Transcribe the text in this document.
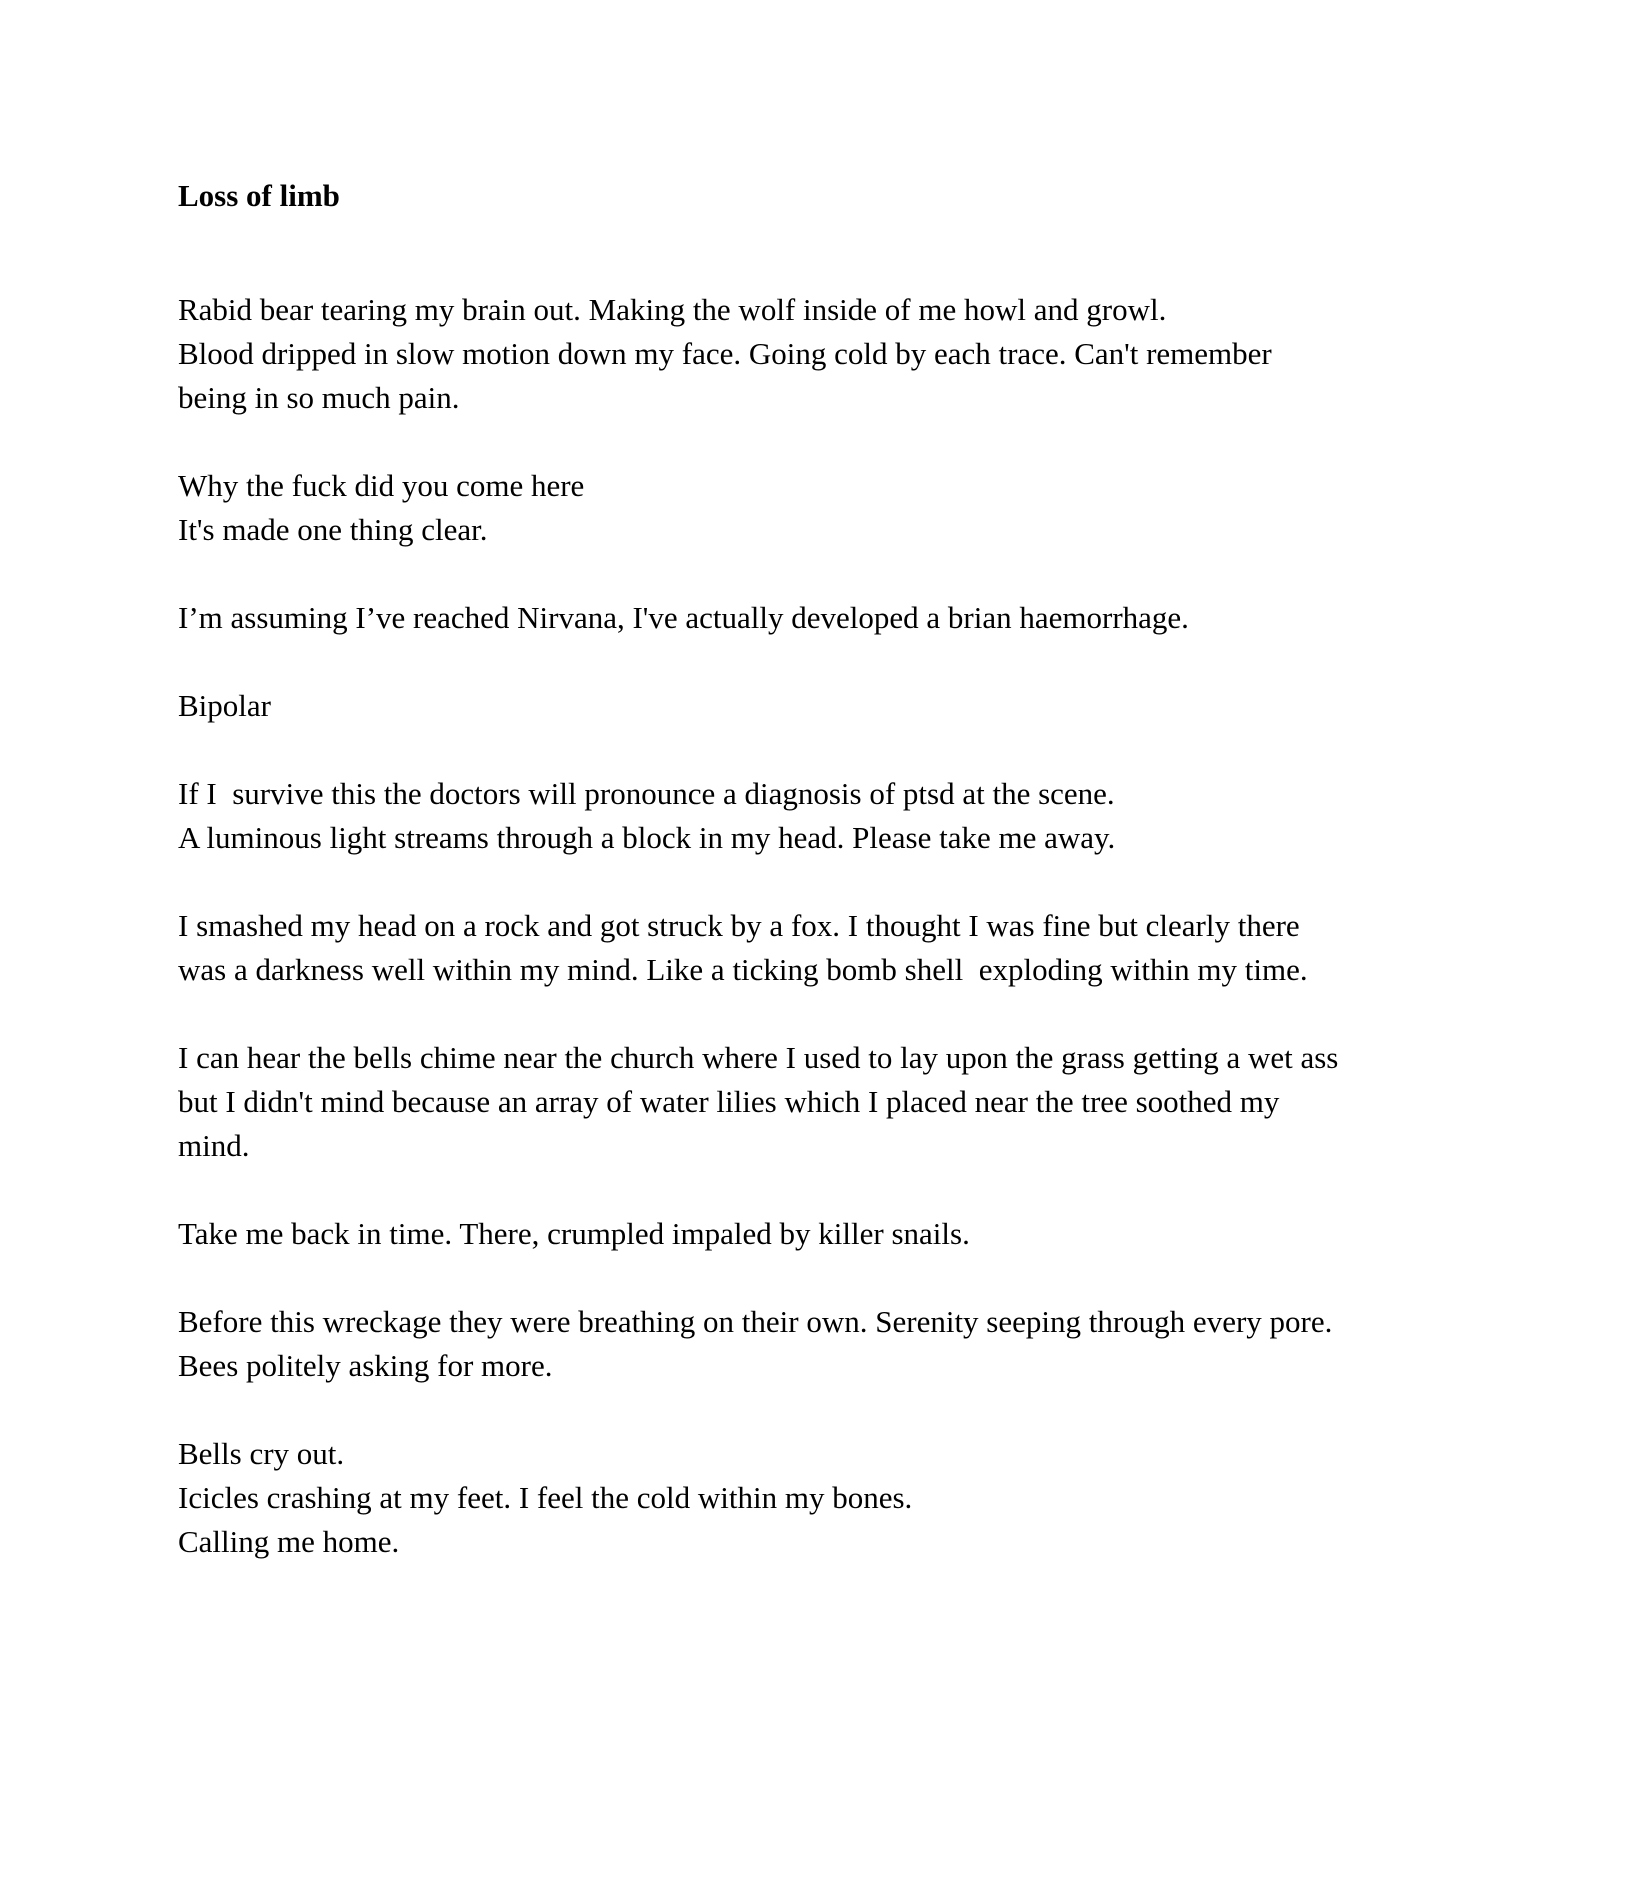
Loss of limb
Rabid bear tearing my brain out. Making the wolf inside of me howl and growl.
Blood dripped in slow motion down my face. Going cold by each trace. Can't remember
being in so much pain.
Why the fuck did you come here
It's made one thing clear.
I’m assuming I’ve reached Nirvana, I've actually developed a brian haemorrhage.
Bipolar
If I  survive this the doctors will pronounce a diagnosis of ptsd at the scene.
A luminous light streams through a block in my head. Please take me away.
I smashed my head on a rock and got struck by a fox. I thought I was fine but clearly there
was a darkness well within my mind. Like a ticking bomb shell  exploding within my time.
I can hear the bells chime near the church where I used to lay upon the grass getting a wet ass
but I didn't mind because an array of water lilies which I placed near the tree soothed my
mind.
Take me back in time. There, crumpled impaled by killer snails.
Before this wreckage they were breathing on their own. Serenity seeping through every pore.
Bees politely asking for more.
Bells cry out.
Icicles crashing at my feet. I feel the cold within my bones.
Calling me home.
